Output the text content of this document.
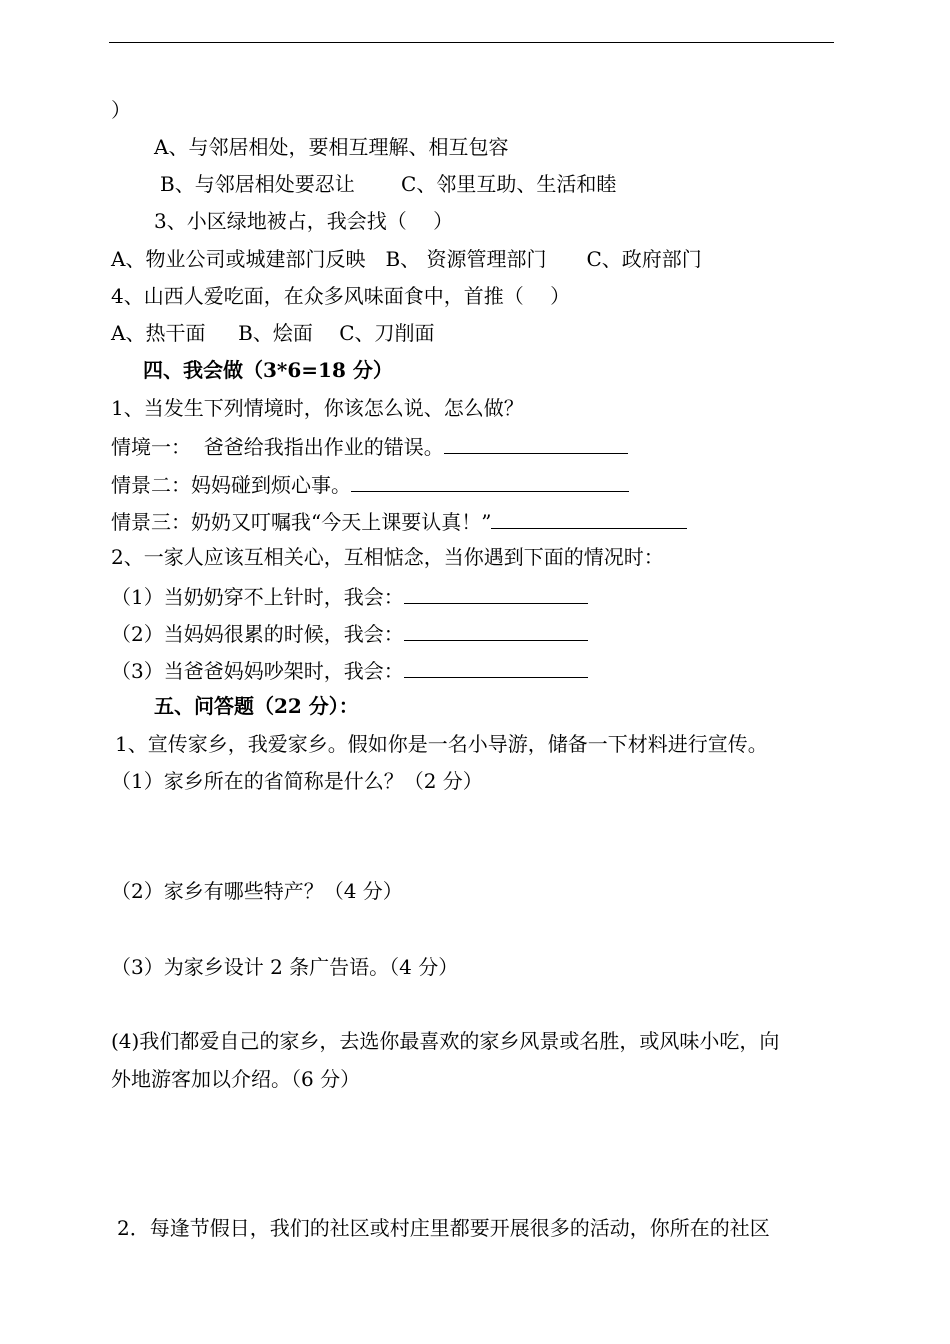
）
A、与邻居相处，要相互理解、相互包容
B、与邻居相处要忍让　　 C、邻里互助、生活和睦
3、小区绿地被占，我会找（　 ）
A、物业公司或城建部门反映　B、 资源管理部门　　C、政府部门
4、山西人爱吃面，在众多风味面食中，首推（　 ）
A、热干面　  B、烩面　 C、刀削面
四、我会做（3*6=18 分）
1、当发生下列情境时，你该怎么说、怎么做？
情境一：  爸爸给我指出作业的错误。
情景二：妈妈碰到烦心事。
情景三：奶奶又叮嘱我“今天上课要认真！”
2、一家人应该互相关心，互相惦念，当你遇到下面的情况时：
（1）当奶奶穿不上针时，我会：
（2）当妈妈很累的时候，我会：
（3）当爸爸妈妈吵架时，我会：
五、问答题（22 分）：
1、宣传家乡，我爱家乡。假如你是一名小导游，储备一下材料进行宣传。
（1）家乡所在的省简称是什么？（2 分）
（2）家乡有哪些特产？（4 分）
（3）为家乡设计 2 条广告语。（4 分）
(4)我们都爱自己的家乡，去选你最喜欢的家乡风景或名胜，或风味小吃，向
外地游客加以介绍。（6 分）
2．每逢节假日，我们的社区或村庄里都要开展很多的活动，你所在的社区
